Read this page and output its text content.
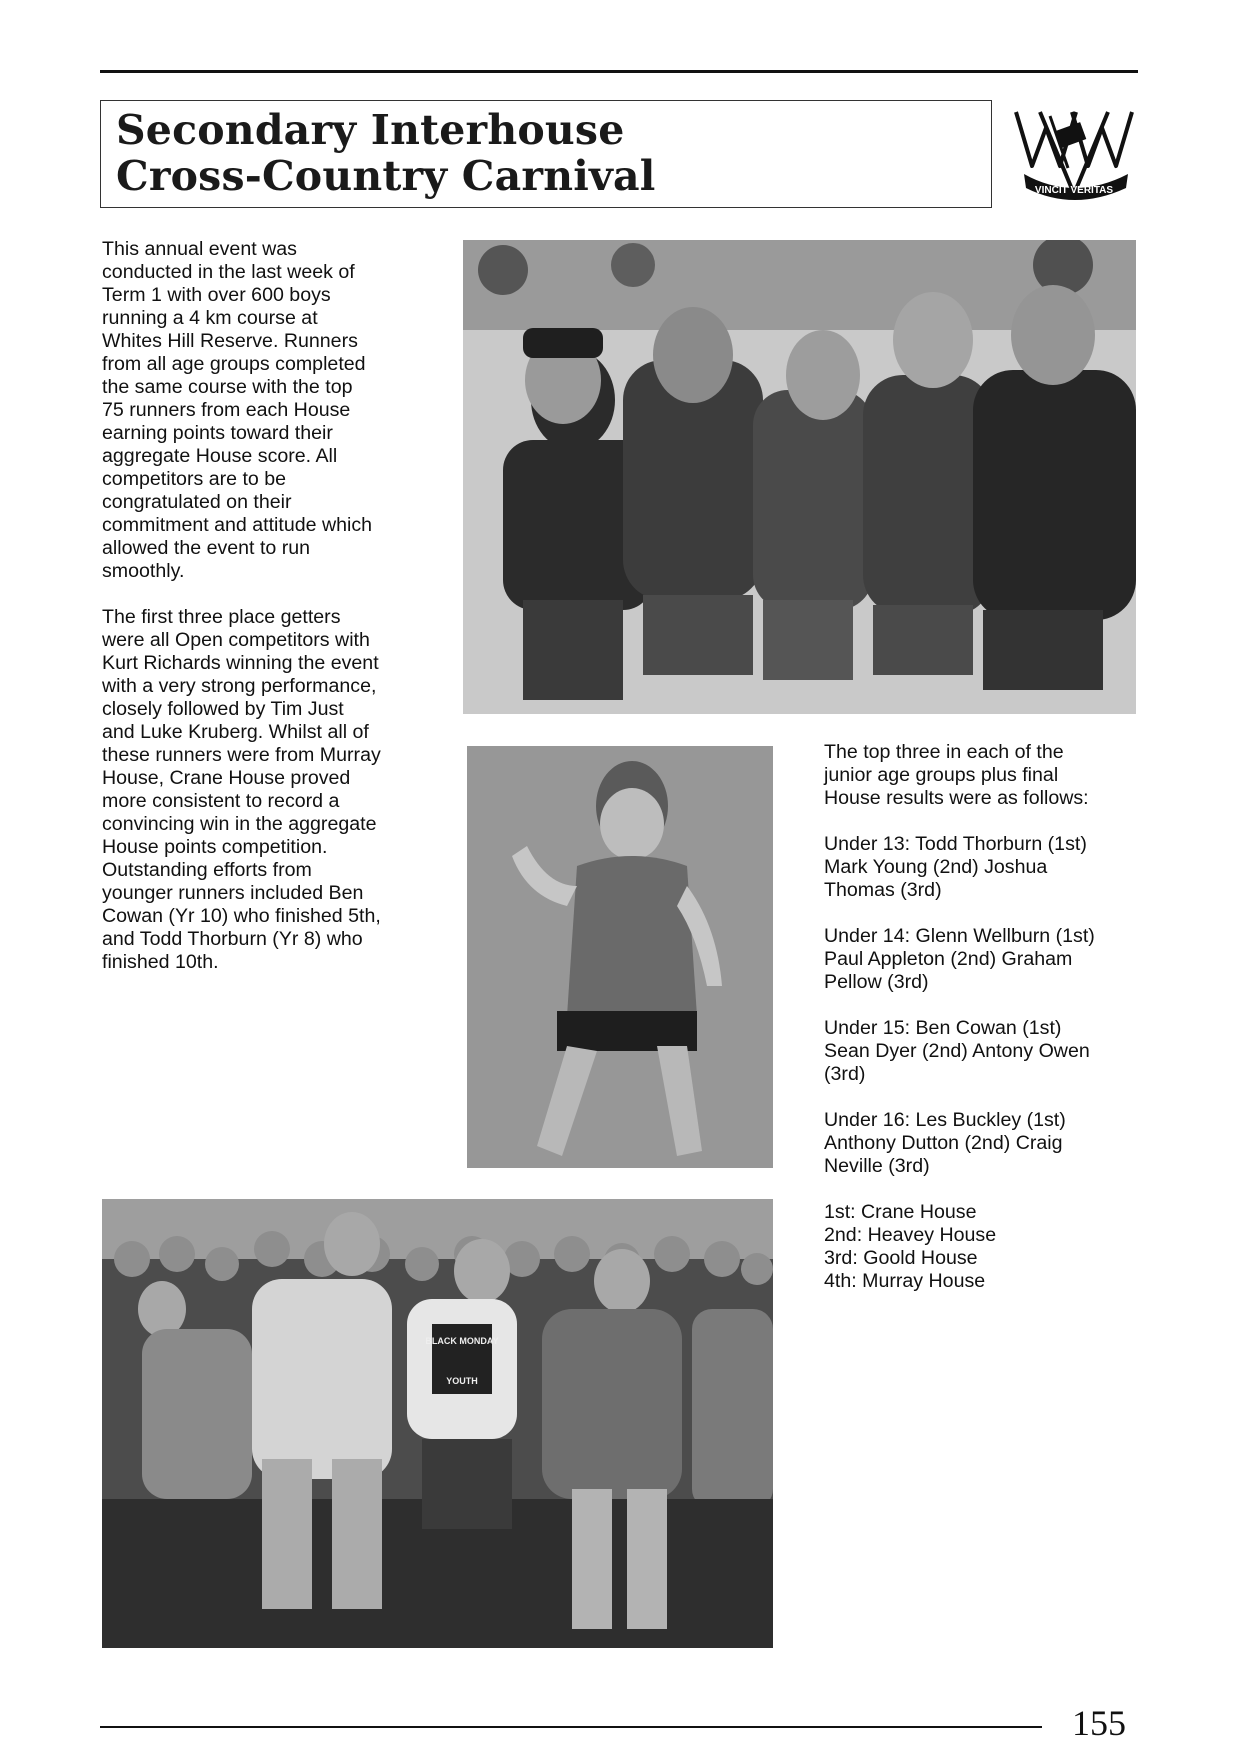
Secondary Interhouse
Cross-Country Carnival	VINCIT VERITAS

This annual event was
conducted in the last week of
Term 1 with over 600 boys
running a 4 km course at
Whites Hill Reserve. Runners
from all age groups completed
the same course with the top
75 runners from each House
earning points toward their
aggregate House score. All
competitors are to be
congratulated on their
commitment and attitude which
allowed the event to run
smoothly.

The first three place getters
were all Open competitors with
Kurt Richards winning the event
with a very strong performance,
closely followed by Tim Just
and Luke Kruberg. Whilst all of
these runners were from Murray
House, Crane House proved
more consistent to record a
convincing win in the aggregate
House points competition.
Outstanding efforts from
younger runners included Ben
Cowan (Yr 10) who finished 5th,
and Todd Thorburn (Yr 8) who
finished 10th.

BLACK MONDAY
YOUTH

The top three in each of the
junior age groups plus final
House results were as follows:

Under 13: Todd Thorburn (1st)
Mark Young (2nd) Joshua
Thomas (3rd)

Under 14: Glenn Wellburn (1st)
Paul Appleton (2nd) Graham
Pellow (3rd)

Under 15: Ben Cowan (1st)
Sean Dyer (2nd) Antony Owen
(3rd)

Under 16: Les Buckley (1st)
Anthony Dutton (2nd) Craig
Neville (3rd)

1st: Crane House
2nd: Heavey House
3rd: Goold House
4th: Murray House

155
